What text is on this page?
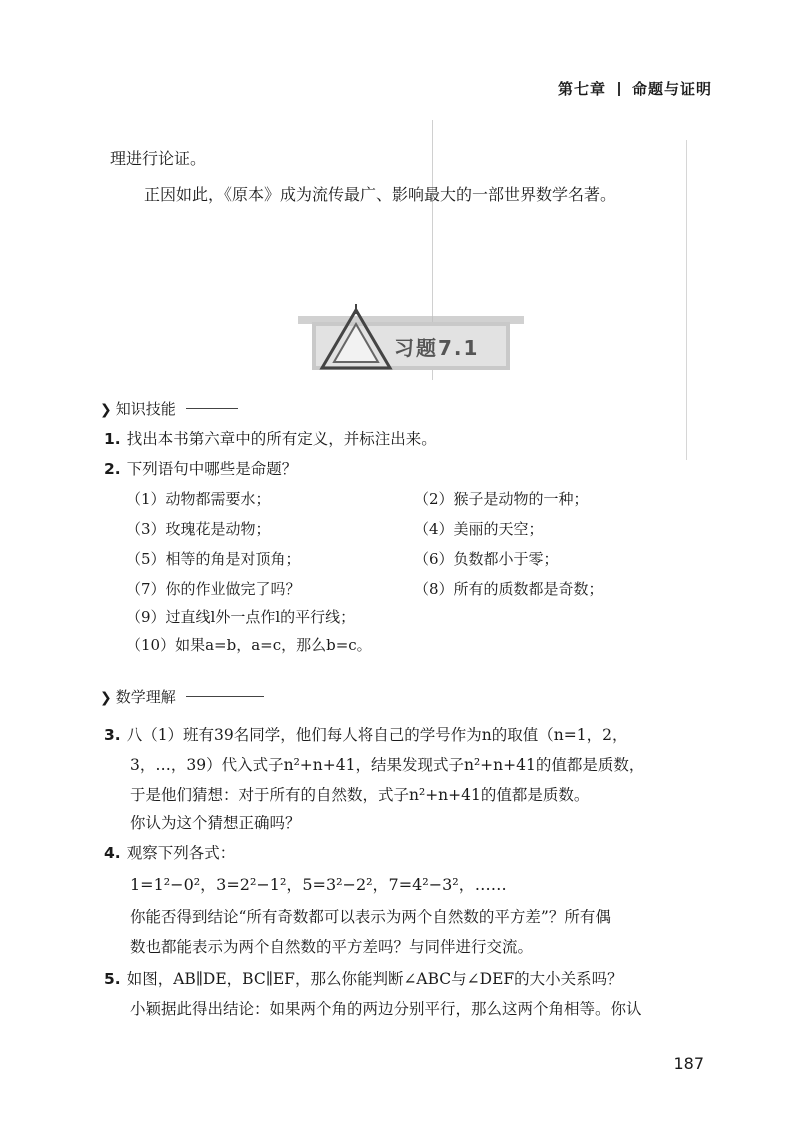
第七章 命题与证明
理进行论证。
正因如此，《原本》成为流传最广、影响最大的一部世界数学名著。
习题7.1
❯ 知识技能
1. 找出本书第六章中的所有定义，并标注出来。
2. 下列语句中哪些是命题？
（1）动物都需要水；	（2）猴子是动物的一种；
（3）玫瑰花是动物；	（4）美丽的天空；
（5）相等的角是对顶角；	（6）负数都小于零；
（7）你的作业做完了吗？	（8）所有的质数都是奇数；
（9）过直线l外一点作l的平行线；
（10）如果a=b，a=c，那么b=c。
❯ 数学理解
3. 八（1）班有39名同学，他们每人将自己的学号作为n的取值（n=1，2，
3，…，39）代入式子n²+n+41，结果发现式子n²+n+41的值都是质数，
于是他们猜想：对于所有的自然数，式子n²+n+41的值都是质数。
你认为这个猜想正确吗？
4. 观察下列各式：
1=1²−0²，3=2²−1²，5=3²−2²，7=4²−3²，……
你能否得到结论“所有奇数都可以表示为两个自然数的平方差”？所有偶
数也都能表示为两个自然数的平方差吗？与同伴进行交流。
5. 如图，AB∥DE，BC∥EF，那么你能判断∠ABC与∠DEF的大小关系吗？
小颖据此得出结论：如果两个角的两边分别平行，那么这两个角相等。你认
187
